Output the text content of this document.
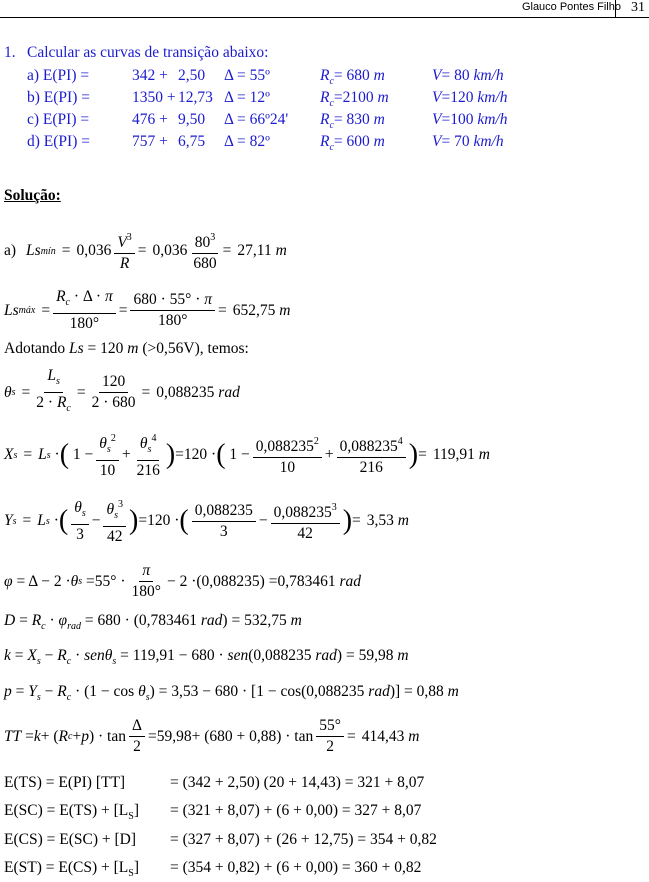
Glauco Pontes Filho 31
1. Calcular as curvas de transição abaixo:
a) E(PI) =	342 + 2,50 Δ = 55º	$R_c= 680$ m	V= 80 km/h
b) E(PI) =	1350 + 12,73 Δ = 12º	$R_c=2100$ m	V=120 km/h
c) E(PI) =	476 + 9,50 Δ = 66º24' $R_c= 830$ m	V=100 km/h
d) E(PI) =	757 + 6,75 Δ = 82º	$R_c= 600$ m	V= 70 km/h
Solução:
a) Ls mín = $0,036 \frac{V^3}{R} = 0,036 \frac{80^3}{680} = 27,11$
m
Ls máx = $\frac{R_c \cdot \Delta \cdot \pi}{180^\circ} = \frac{680 \cdot 55^\circ \cdot \pi}{180^\circ} = 652,75$
m
Adotando Ls = 120 m (>0,56V), temos:
θ $s = \frac{L_s}{2 \cdot R_c} = \frac{120}{2 \cdot 680} = 0,088235$
rad
X s = L s · ( $1 - \frac{\theta_s^2}{10} + \frac{\theta_s^4}{216}$ ) = 120 · ( $1 - \frac{0,088235^2}{10} + \frac{0,088235^4}{216}$ ) = 119,91
m
Y s = L s · ( $\frac{\theta_s}{3} - \frac{\theta_s^3}{42}$ ) = 120 · ( $\frac{0,088235}{3} - \frac{0,088235^3}{42}$ ) = 3,53
m
φ = Δ − 2 · θ $s = 55^\circ \cdot \frac{\pi}{180^\circ} - 2 \cdot (0,088235) = 0,783461$
rad
$D = R_c \cdot \varphi_{rad} = 680 \cdot (0,783461$ rad) = 532,75 m
$k = X_s - R_c \cdot sen\theta_s = 119,91 - 680 \cdot sen(0,088235$ rad) = 59,98 m
$p = Y_s - R_c \cdot (1 - \cos \theta_s) = 3,53 - 680 \cdot [1 - \cos(0,088235$ rad)] = 0,88 m
TT = k + ( R c + p ) · $\tan \frac{\Delta}{2} = 59,98$ + ( 680 + 0,88 ) · $\tan \frac{55^\circ}{2} = 414,43$
m
E(TS) = E(PI) [TT]	= (342 + 2,50) (20 + 14,43) = 321 + 8,07
$E(SC) = E(TS) + [L_S] = (321 + 8,07) + (6 + 0,00) = 327 + 8,07$
E(CS) = E(SC) + [D] = (327 + 8,07) + (26 + 12,75) = 354 + 0,82
$E(ST) = E(CS) + [L_S] = (354 + 0,82) + (6 + 0,00) = 360 + 0,82$
